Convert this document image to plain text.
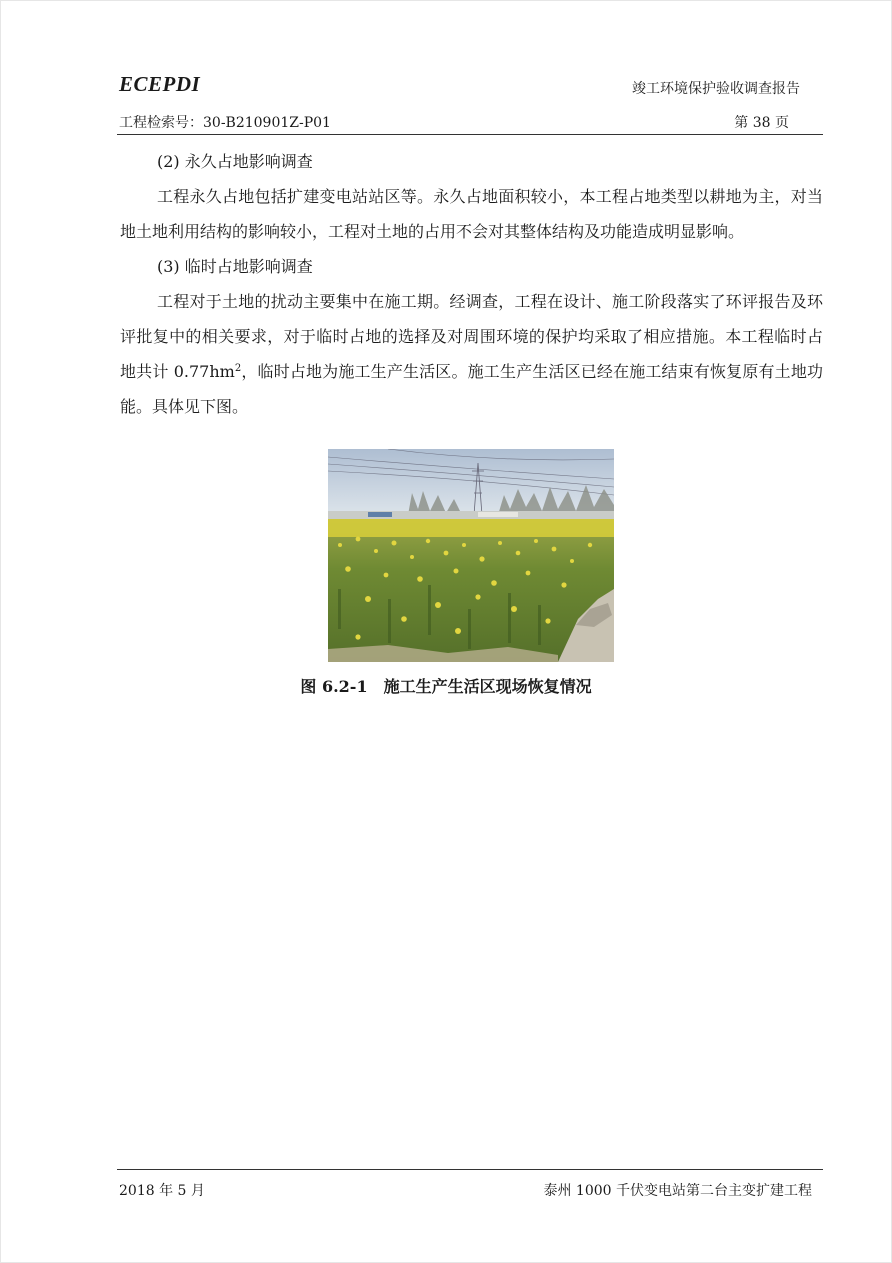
ECEPDI	竣工环境保护验收调查报告
工程检索号：30-B210901Z-P01	第 38 页

(2) 永久占地影响调查

工程永久占地包括扩建变电站站区等。永久占地面积较小，本工程占地类型以耕地为主，对当地土地利用结构的影响较小，工程对土地的占用不会对其整体结构及功能造成明显影响。

(3) 临时占地影响调查

工程对于土地的扰动主要集中在施工期。经调查，工程在设计、施工阶段落实了环评报告及环评批复中的相关要求，对于临时占地的选择及对周围环境的保护均采取了相应措施。本工程临时占地共计 $0.77hm^2$，临时占地为施工生产生活区。施工生产生活区已经在施工结束有恢复原有土地功能。具体见下图。

图 6.2-1 施工生产生活区现场恢复情况
2018 年 5 月	泰州 1000 千伏变电站第二台主变扩建工程
